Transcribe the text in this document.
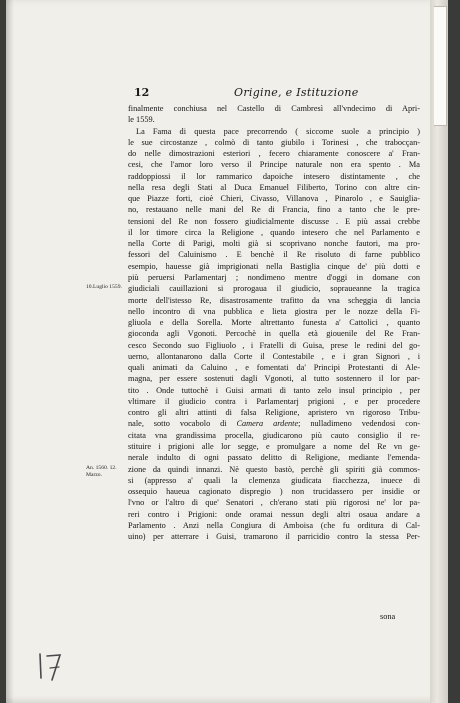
12	Origine, e Istituzione
finalmente conchiusa nel Castello di Cambresì all'vndecimo di Apri-
le 1559.
La Fama di questa pace precorrendo ( siccome suole a principio )
le sue circostanze , colmò di tanto giubilo i Torinesi , che trabocçan-
do nelle dimostrazioni esteriori , fecero chiaramente conoscere a' Fran-
cesi, che l'amor loro verso il Principe naturale non era spento . Ma
raddoppiossi il lor rammarico dapoiche intesero distintamente , che
nella resa degli Stati al Duca Emanuel Filiberto, Torino con altre cin-
que Piazze forti, cioè Chieri, Civasso, Villanova , Pinarolo , e Sauiglia-
no, restauano nelle mani del Re di Francia, fino a tanto che le pre-
tensioni del Re non fossero giudicialmente discusse . E più assai crebbe
il lor timore circa la Religione , quando intesero che nel Parlamento e
nella Corte di Parigi, molti già si scoprivano nonche fautori, ma pro-
fessori del Caluinismo . E benchè il Re risoluto di farne pubblico
esempio, hauesse già imprigionati nella Bastiglia cinque de' più dotti e
più peruersi Parlamentarj ; nondimeno mentre d'oggi in domane con
giudiciali cauillazioni si prorogaua il giudicio, sopraueanne la tragica
morte dell'istesso Re, disastrosamente trafitto da vna scheggia di lancia
nello incontro di vna pubblica e lieta giostra per le nozze della Fi-
gliuola e della Sorella. Morte altrettanto funesta a' Cattolici , quanto
gioconda agli Vgonoti. Percochè in quella età giouenile del Re Fran-
cesco Secondo suo Figliuolo , i Fratelli di Guisa, prese le redini del go-
uerno, allontanarono dalla Corte il Contestabile , e i gran Signori , i
quali animati da Caluino , e fomentati da' Principi Protestanti di Ale-
magna, per essere sostenuti dagli Vgonoti, al tutto sostennero il lor par-
tito . Onde tuttochè i Guisi armati di tanto zelo insul principio , per
vltimare il giudicio contra i Parlamentarj prigioni , e per procedere
contro gli altri attinti di falsa Religione, apristero vn rigoroso Tribu-
nale, sotto vocabolo di Camera ardente; nulladimeno vedendosi con-
citata vna grandissima procella, giudicarono più cauto consiglio il re-
stituire i prigioni alle lor segge, e promulgare a nome del Re vn ge-
nerale indulto di ogni passato delitto di Religione, mediante l'emenda-
zione da quindi innanzi. Nè questo bastò, perchè gli spiriti già commos-
si (appresso a' quali la clemenza giudicata fiacchezza, inuece di
ossequio haueua cagionato dispregio ) non trucidassero per insidie or
l'vno or l'altro di que' Senatori , ch'erano stati più rigorosi ne' lor pa-
reri contro i Prigioni: onde oramai nessun degli altri osaua andare a
Parlamento . Anzi nella Congiura di Amboisa (che fu orditura di Cal-
uino) per atterrare i Guisi, tramarono il parricidio contro la stessa Per-
10.Luglio 1559.
An. 1560. 12. Marzo.
sona
